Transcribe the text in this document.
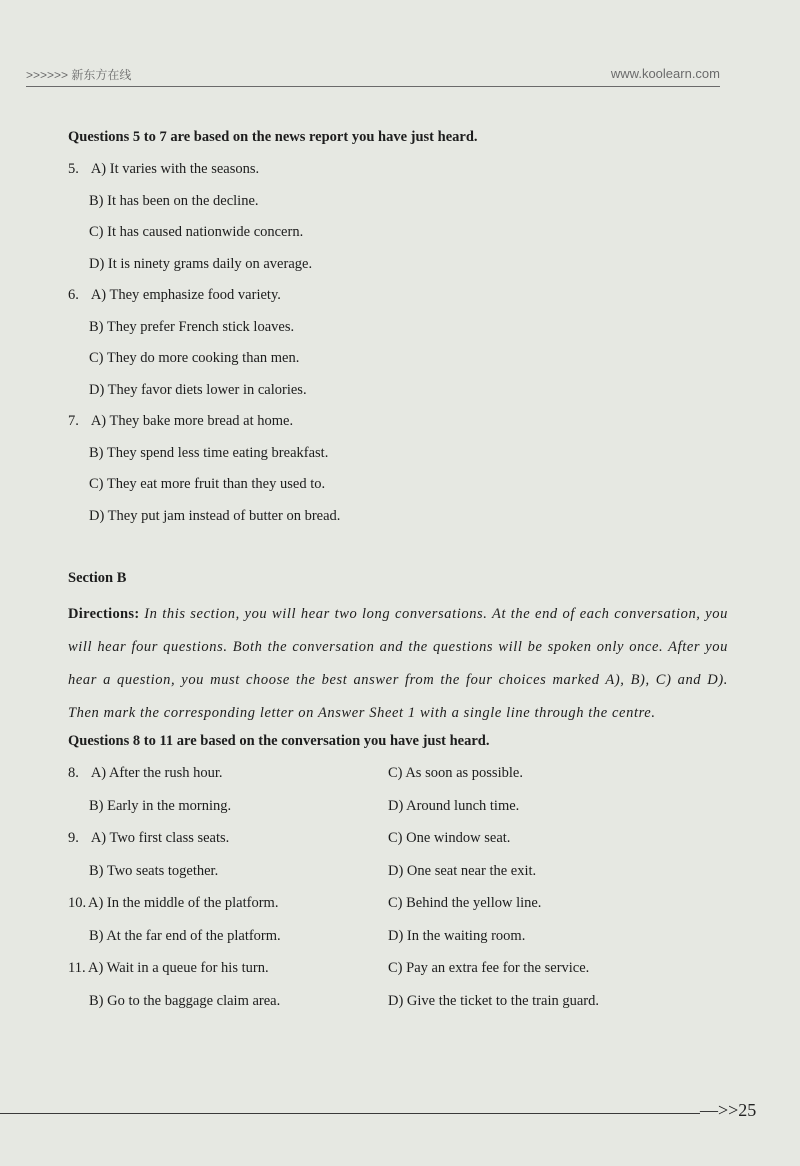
>>>>>> 新东方在线	www.koolearn.com
Questions 5 to 7 are based on the news report you have just heard.
5. A) It varies with the seasons.
B) It has been on the decline.
C) It has caused nationwide concern.
D) It is ninety grams daily on average.
6. A) They emphasize food variety.
B) They prefer French stick loaves.
C) They do more cooking than men.
D) They favor diets lower in calories.
7. A) They bake more bread at home.
B) They spend less time eating breakfast.
C) They eat more fruit than they used to.
D) They put jam instead of butter on bread.
Section B
Directions: In this section, you will hear two long conversations. At the end of each conversation, you will hear four questions. Both the conversation and the questions will be spoken only once. After you hear a question, you must choose the best answer from the four choices marked A), B), C) and D). Then mark the corresponding letter on Answer Sheet 1 with a single line through the centre.
Questions 8 to 11 are based on the conversation you have just heard.
8. A) After the rush hour.	C) As soon as possible.
B) Early in the morning.	D) Around lunch time.
9. A) Two first class seats.	C) One window seat.
B) Two seats together.	D) One seat near the exit.
10. A) In the middle of the platform.	C) Behind the yellow line.
B) At the far end of the platform.	D) In the waiting room.
11. A) Wait in a queue for his turn.	C) Pay an extra fee for the service.
B) Go to the baggage claim area.	D) Give the ticket to the train guard.
—>>25
